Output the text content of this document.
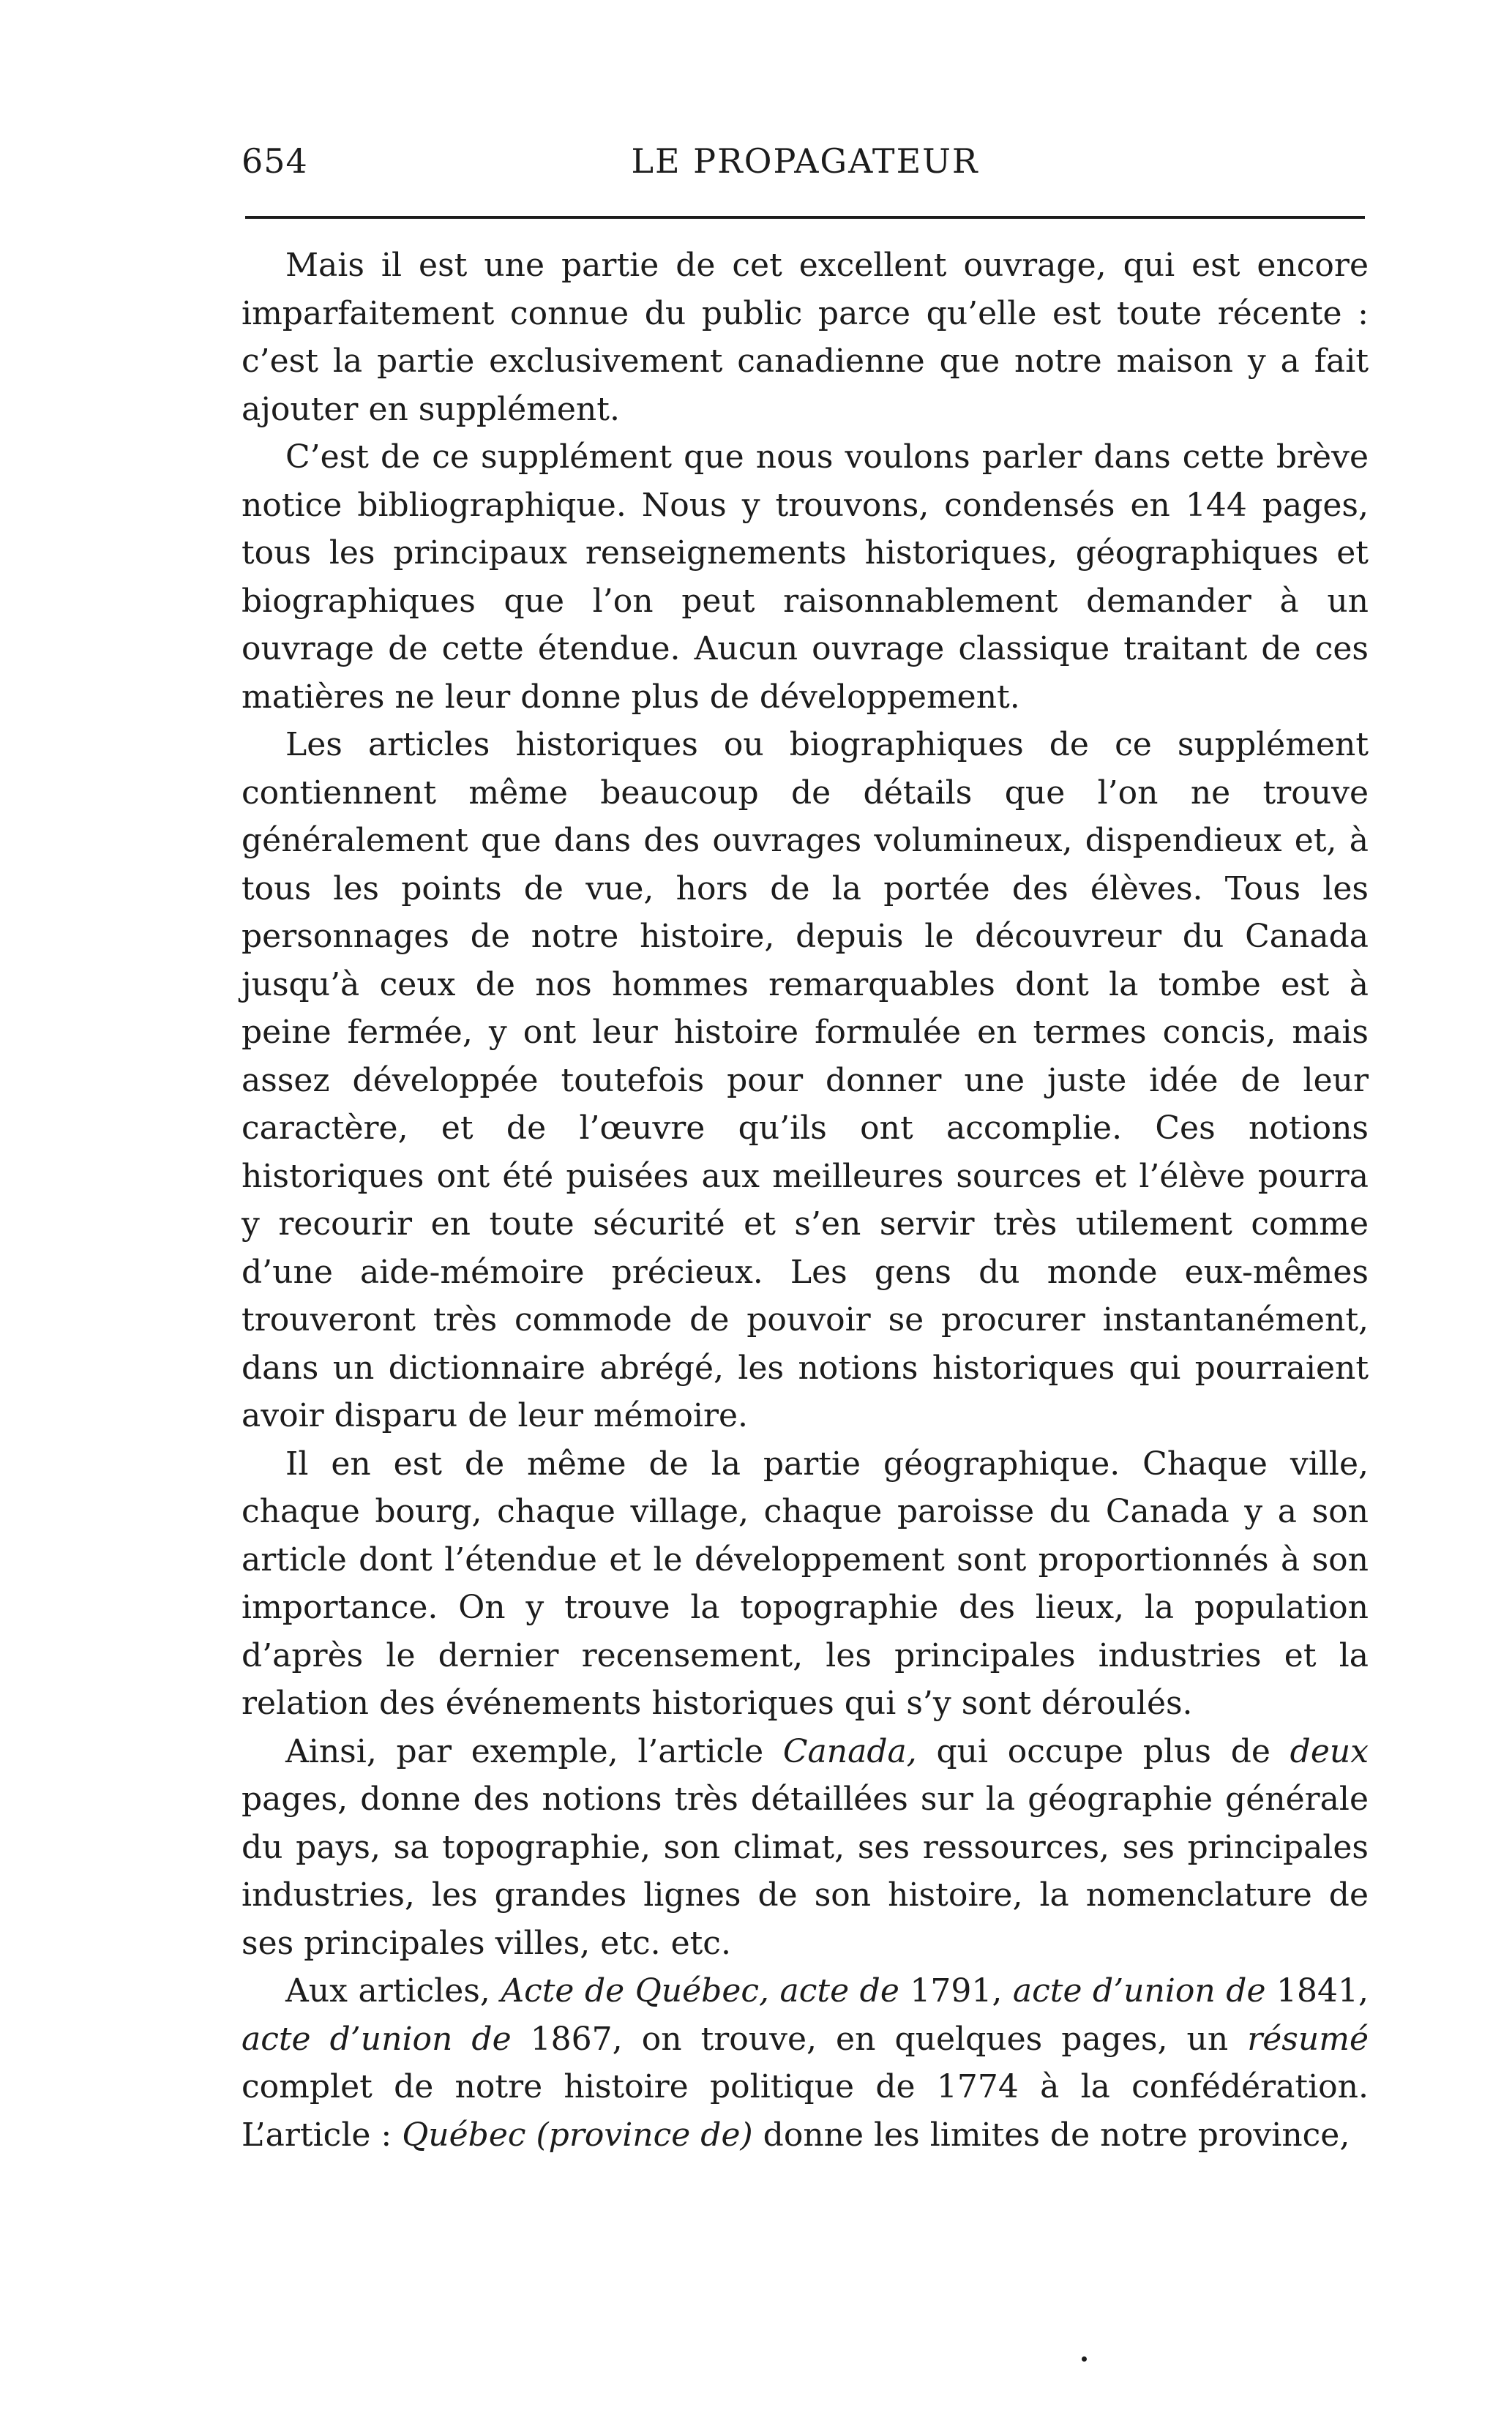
654	LE PROPAGATEUR

Mais il est une partie de cet excellent ouvrage, qui est encore imparfaitement connue du public parce qu’elle est toute récente : c’est la partie exclusivement canadienne que notre maison y a fait ajouter en supplément.

C’est de ce supplément que nous voulons parler dans cette brève notice bibliographique. Nous y trouvons, condensés en 144 pages, tous les principaux renseignements historiques, géographiques et biographiques que l’on peut raisonnablement demander à un ouvrage de cette étendue. Aucun ouvrage classique traitant de ces matières ne leur donne plus de développement.

Les articles historiques ou biographiques de ce supplément contiennent même beaucoup de détails que l’on ne trouve généralement que dans des ouvrages volumineux, dispendieux et, à tous les points de vue, hors de la portée des élèves. Tous les personnages de notre histoire, depuis le découvreur du Canada jusqu’à ceux de nos hommes remarquables dont la tombe est à peine fermée, y ont leur histoire formulée en termes concis, mais assez développée toutefois pour donner une juste idée de leur caractère, et de l’œuvre qu’ils ont accomplie. Ces notions historiques ont été puisées aux meilleures sources et l’élève pourra y recourir en toute sécurité et s’en servir très utilement comme d’une aide-mémoire précieux. Les gens du monde eux-mêmes trouveront très commode de pouvoir se procurer instantanément, dans un dictionnaire abrégé, les notions historiques qui pourraient avoir disparu de leur mémoire.

Il en est de même de la partie géographique. Chaque ville, chaque bourg, chaque village, chaque paroisse du Canada y a son article dont l’étendue et le développement sont proportionnés à son importance. On y trouve la topographie des lieux, la population d’après le dernier recensement, les principales industries et la relation des événements historiques qui s’y sont déroulés.

Ainsi, par exemple, l’article Canada, qui occupe plus de deux pages, donne des notions très détaillées sur la géographie générale du pays, sa topographie, son climat, ses ressources, ses principales industries, les grandes lignes de son histoire, la nomenclature de ses principales villes, etc. etc.

Aux articles, Acte de Québec, acte de 1791, acte d’union de 1841, acte d’union de 1867, on trouve, en quelques pages, un résumé complet de notre histoire politique de 1774 à la confédération. L’article : Québec (province de) donne les limites de notre province,
